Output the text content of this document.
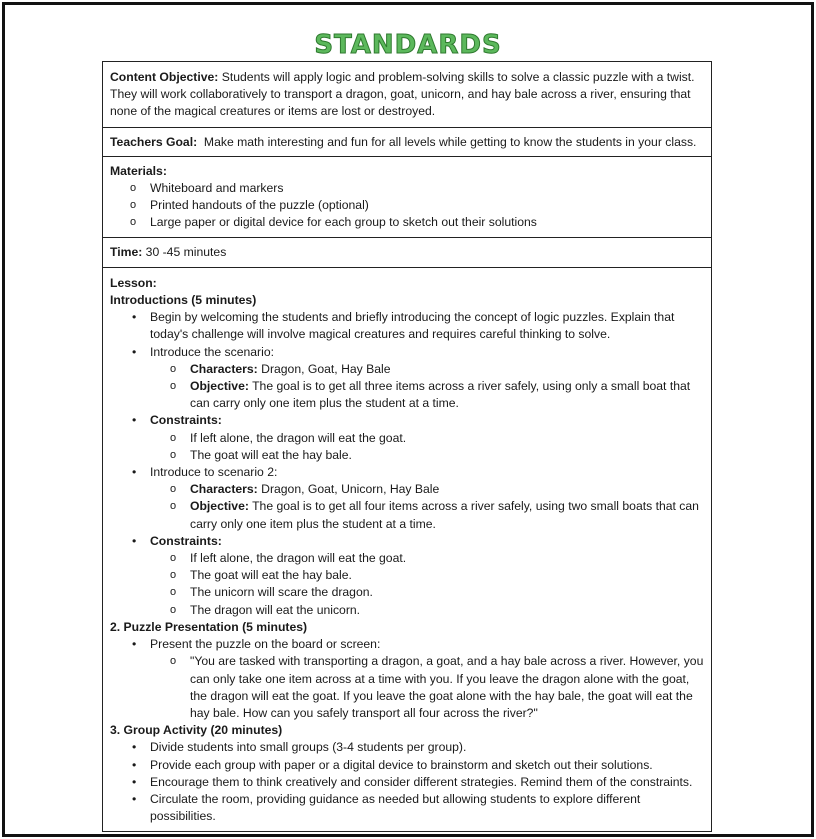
STANDARDS
Content Objective: Students will apply logic and problem-solving skills to solve a classic puzzle with a twist. They will work collaboratively to transport a dragon, goat, unicorn, and hay bale across a river, ensuring that none of the magical creatures or items are lost or destroyed.
Teachers Goal:  Make math interesting and fun for all levels while getting to know the students in your class.
Materials:
o Whiteboard and markers
o Printed handouts of the puzzle (optional)
o Large paper or digital device for each group to sketch out their solutions
Time: 30 -45 minutes
Lesson:
Introductions (5 minutes)
• Begin by welcoming the students and briefly introducing the concept of logic puzzles. Explain that today's challenge will involve magical creatures and requires careful thinking to solve.
• Introduce the scenario:
o Characters: Dragon, Goat, Hay Bale
o Objective: The goal is to get all three items across a river safely, using only a small boat that can carry only one item plus the student at a time.
• Constraints:
o If left alone, the dragon will eat the goat.
o The goat will eat the hay bale.
• Introduce to scenario 2:
o Characters: Dragon, Goat, Unicorn, Hay Bale
o Objective: The goal is to get all four items across a river safely, using two small boats that can carry only one item plus the student at a time.
• Constraints:
o If left alone, the dragon will eat the goat.
o The goat will eat the hay bale.
o The unicorn will scare the dragon.
o The dragon will eat the unicorn.
2. Puzzle Presentation (5 minutes)
• Present the puzzle on the board or screen:
o "You are tasked with transporting a dragon, a goat, and a hay bale across a river. However, you can only take one item across at a time with you. If you leave the dragon alone with the goat, the dragon will eat the goat. If you leave the goat alone with the hay bale, the goat will eat the hay bale. How can you safely transport all four across the river?"
3. Group Activity (20 minutes)
• Divide students into small groups (3-4 students per group).
• Provide each group with paper or a digital device to brainstorm and sketch out their solutions.
• Encourage them to think creatively and consider different strategies. Remind them of the constraints.
• Circulate the room, providing guidance as needed but allowing students to explore different possibilities.
